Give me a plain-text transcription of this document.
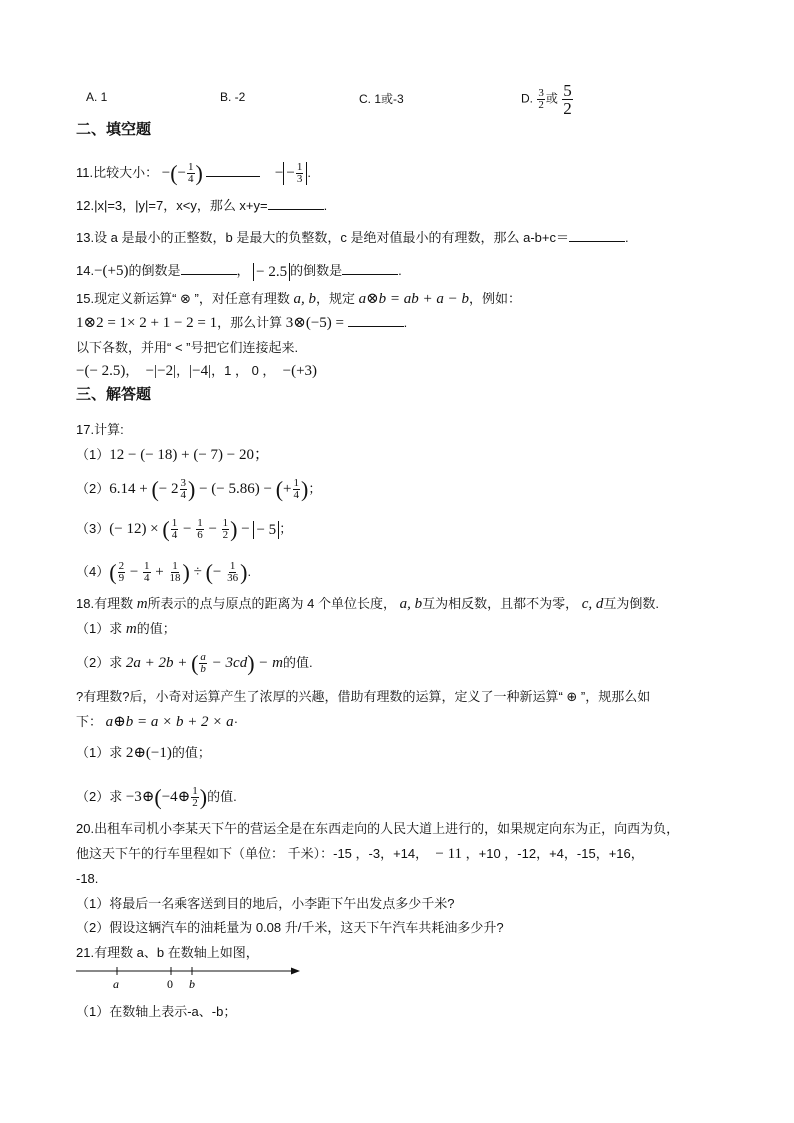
A. 1	B. -2	C. 1或-3	D. $\frac{3}{2}$ 或 $\frac{5}{2}$
二、填空题
11.比较大小： −(− $\frac{1}{4}$ )	− − $\frac{1}{3}$ .
12.|x|=3，|y|=7，x<y，那么 x+y=	.
13.设 a 是最小的正整数，b 是最大的负整数，c 是绝对值最小的有理数，那么 a-b+c＝	.
14.−(+5)的倒数是	， − 2.5 的倒数是	.
15.现定义新运算“ ⊗ ”，对任意有理数 a, b，规定 a⊗b = ab + a − b，例如：
1⊗2 = 1× 2 + 1 − 2 = 1，那么计算 3⊗(−5) =	.
以下各数，并用“ < ”号把它们连接起来.
−(− 2.5)，  −|−2|，|−4|，1 ， 0 ，  −(+3)
三、解答题
17.计算:
（1）12 − (− 18) + (− 7) − 20；
（2）6.14 + (− $2 \frac{3}{4}$ ) − (− 5.86) − (+ $\frac{1}{4}$ )；
（3）(− 12) × ( $\frac{1}{4} - \frac{1}{6} - \frac{1}{2}$ ) − − 5 ；
$(4)( \frac{2}{9} - \frac{1}{4} + \frac{1}{18}$ ) ÷ (− $\frac{1}{36}$ ).
18.有理数 m所表示的点与原点的距离为 4 个单位长度， a, b互为相反数，且都不为零， c, d互为倒数.
（1）求 m的值；
（2）求 2a + 2b + ( $\frac{a}{b} - 3cd) - m$的值.
?有理数?后，小奇对运算产生了浓厚的兴趣，借助有理数的运算，定义了一种新运算“ ⊕ ”，规那么如
下： a⊕b = a × b + 2 × a·
（1）求 2⊕(−1)的值；
（2）求 −3⊕(−4⊕ $\frac{1}{2}$ )的值.
20.出租车司机小李某天下午的营运全是在东西走向的人民大道上进行的，如果规定向东为正，向西为负，
他这天下午的行车里程如下（单位： 千米）：-15 ，-3，+14， − 11 ，+10 ，-12，+4，-15，+16，
-18.
（1）将最后一名乘客送到目的地后，小李距下午出发点多少千米?
（2）假设这辆汽车的油耗量为 0.08 升/千米，这天下午汽车共耗油多少升?
21.有理数 a、b 在数轴上如图，
a	0 b
（1）在数轴上表示-a、-b；
